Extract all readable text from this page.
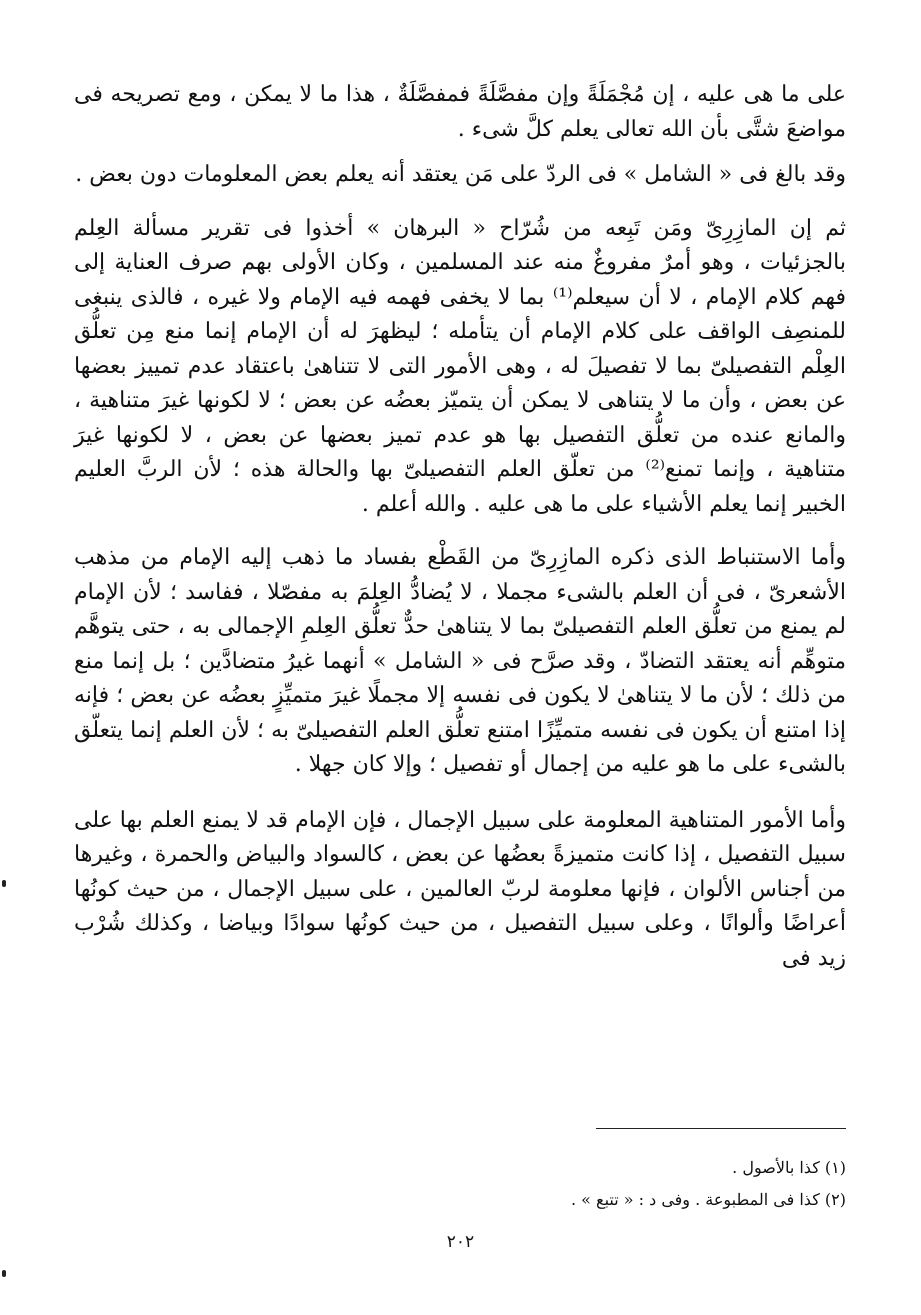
على ما هى عليه ، إن مُجْمَلَةً وإن مفصَّلَةً فمفصَّلَةٌ ، هذا ما لا يمكن ، ومع تصريحه فى مواضعَ شتَّى بأن الله تعالى يعلم كلَّ شىء .

وقد بالغ فى « الشامل » فى الردّ على مَن يعتقد أنه يعلم بعض المعلومات دون بعض .

ثم إن المازِرِىّ ومَن تَبِعه من شُرّاح « البرهان » أخذوا فى تقرير مسألة العِلم بالجزئيات ، وهو أمرٌ مفروغٌ منه عند المسلمين ، وكان الأولى بهم صرف العناية إلى فهم كلام الإمام ، لا أن سيعلم⁽¹⁾ بما لا يخفى فهمه فيه الإمام ولا غيره ، فالذى ينبغى للمنصِف الواقف على كلام الإمام أن يتأمله ؛ ليظهرَ له أن الإمام إنما منع مِن تعلُّق العِلْم التفصيلىّ بما لا تفصيلَ له ، وهى الأمور التى لا تتناهىٰ باعتقاد عدم تمييز بعضها عن بعض ، وأن ما لا يتناهى لا يمكن أن يتميّز بعضُه عن بعض ؛ لا لكونها غيرَ متناهية ، والمانع عنده من تعلُّق التفصيل بها هو عدم تميز بعضها عن بعض ، لا لكونها غيرَ متناهية ، وإنما تمنع⁽²⁾ من تعلّق العلم التفصيلىّ بها والحالة هذه ؛ لأن الربَّ العليم الخبير إنما يعلم الأشياء على ما هى عليه . والله أعلم .

وأما الاستنباط الذى ذكره المازِرِىّ من القَطْع بفساد ما ذهب إليه الإمام من مذهب الأشعرىّ ، فى أن العلم بالشىء مجملا ، لا يُضادُّ العِلمَ به مفصّلا ، ففاسد ؛ لأن الإمام لم يمنع من تعلُّق العلم التفصيلىّ بما لا يتناهىٰ حدٌّ تعلُّق العِلمِ الإجمالى به ، حتى يتوهَّم متوهِّم أنه يعتقد التضادّ ، وقد صرَّح فى « الشامل » أنهما غيرُ متضادَّين ؛ بل إنما منع من ذلك ؛ لأن ما لا يتناهىٰ لا يكون فى نفسه إلا مجملًا غيرَ متميِّزٍ بعضُه عن بعض ؛ فإنه إذا امتنع أن يكون فى نفسه متميِّزًا امتنع تعلُّق العلم التفصيلىّ به ؛ لأن العلم إنما يتعلّق بالشىء على ما هو عليه من إجمال أو تفصيل ؛ وإلا كان جهلا .

وأما الأمور المتناهية المعلومة على سبيل الإجمال ، فإن الإمام قد لا يمنع العلم بها على سبيل التفصيل ، إذا كانت متميزةً بعضُها عن بعض ، كالسواد والبياض والحمرة ، وغيرها من أجناس الألوان ، فإنها معلومة لربّ العالمين ، على سبيل الإجمال ، من حيث كونُها أعراضًا وألوانًا ، وعلى سبيل التفصيل ، من حيث كونُها سوادًا وبياضا ، وكذلك شُرْب زيد فى

(١) كذا بالأصول .

(٢) كذا فى المطبوعة . وفى د : « تتبع » .

٢٠٢
